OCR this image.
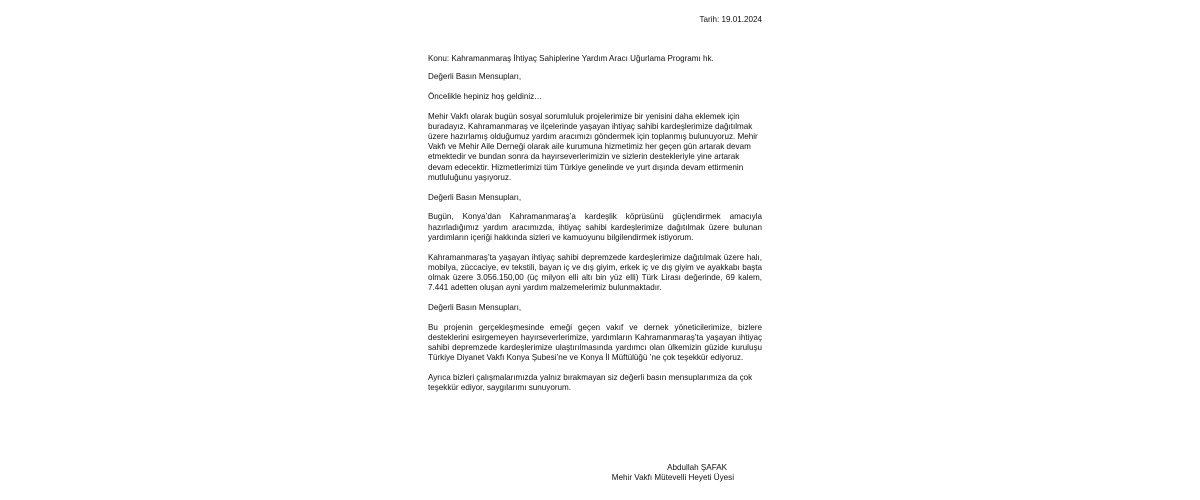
Tarih: 19.01.2024
Konu: Kahramanmaraş İhtiyaç Sahiplerine Yardım Aracı Uğurlama Programı hk.

Değerli Basın Mensupları,

Öncelikle hepiniz hoş geldiniz…

Mehir Vakfı olarak bugün sosyal sorumluluk projelerimize bir yenisini daha eklemek için buradayız. Kahramanmaraş ve ilçelerinde yaşayan ihtiyaç sahibi kardeşlerimize dağıtılmak üzere hazırlamış olduğumuz yardım aracımızı göndermek için toplanmış bulunuyoruz. Mehir Vakfı ve Mehir Aile Derneği olarak aile kurumuna hizmetimiz her geçen gün artarak devam etmektedir ve bundan sonra da hayırseverlerimizin ve sizlerin destekleriyle yine artarak devam edecektir. Hizmetlerimizi tüm Türkiye genelinde ve yurt dışında devam ettirmenin mutluluğunu yaşıyoruz.

Değerli Basın Mensupları,

Bugün, Konya’dan Kahramanmaraş’a kardeşlik köprüsünü güçlendirmek amacıyla hazırladığımız yardım aracımızda, ihtiyaç sahibi kardeşlerimize dağıtılmak üzere bulunan yardımların içeriği hakkında sizleri ve kamuoyunu bilgilendirmek istiyorum.

Kahramanmaraş’ta yaşayan ihtiyaç sahibi depremzede kardeşlerimize dağıtılmak üzere halı, mobilya, züccaciye, ev tekstili, bayan iç ve dış giyim, erkek iç ve dış giyim ve ayakkabı başta olmak üzere 3.056.150,00 (üç milyon elli altı bin yüz elli) Türk Lirası değerinde, 69 kalem, 7.441 adetten oluşan ayni yardım malzemelerimiz bulunmaktadır.

Değerli Basın Mensupları,

Bu projenin gerçekleşmesinde emeği geçen vakıf ve dernek yöneticilerimize, bizlere desteklerini esirgemeyen hayırseverlerimize, yardımların Kahramanmaraş’ta yaşayan ihtiyaç sahibi depremzede kardeşlerimize ulaştırılmasında yardımcı olan ülkemizin güzide kuruluşu Türkiye Diyanet Vakfı Konya Şubesi’ne ve Konya İl Müftülüğü ’ne çok teşekkür ediyoruz.

Ayrıca bizleri çalışmalarımızda yalnız bırakmayan siz değerli basın mensuplarımıza da çok teşekkür ediyor, saygılarımı sunuyorum.

Abdullah ŞAFAK
Mehir Vakfı Mütevelli Heyeti Üyesi
